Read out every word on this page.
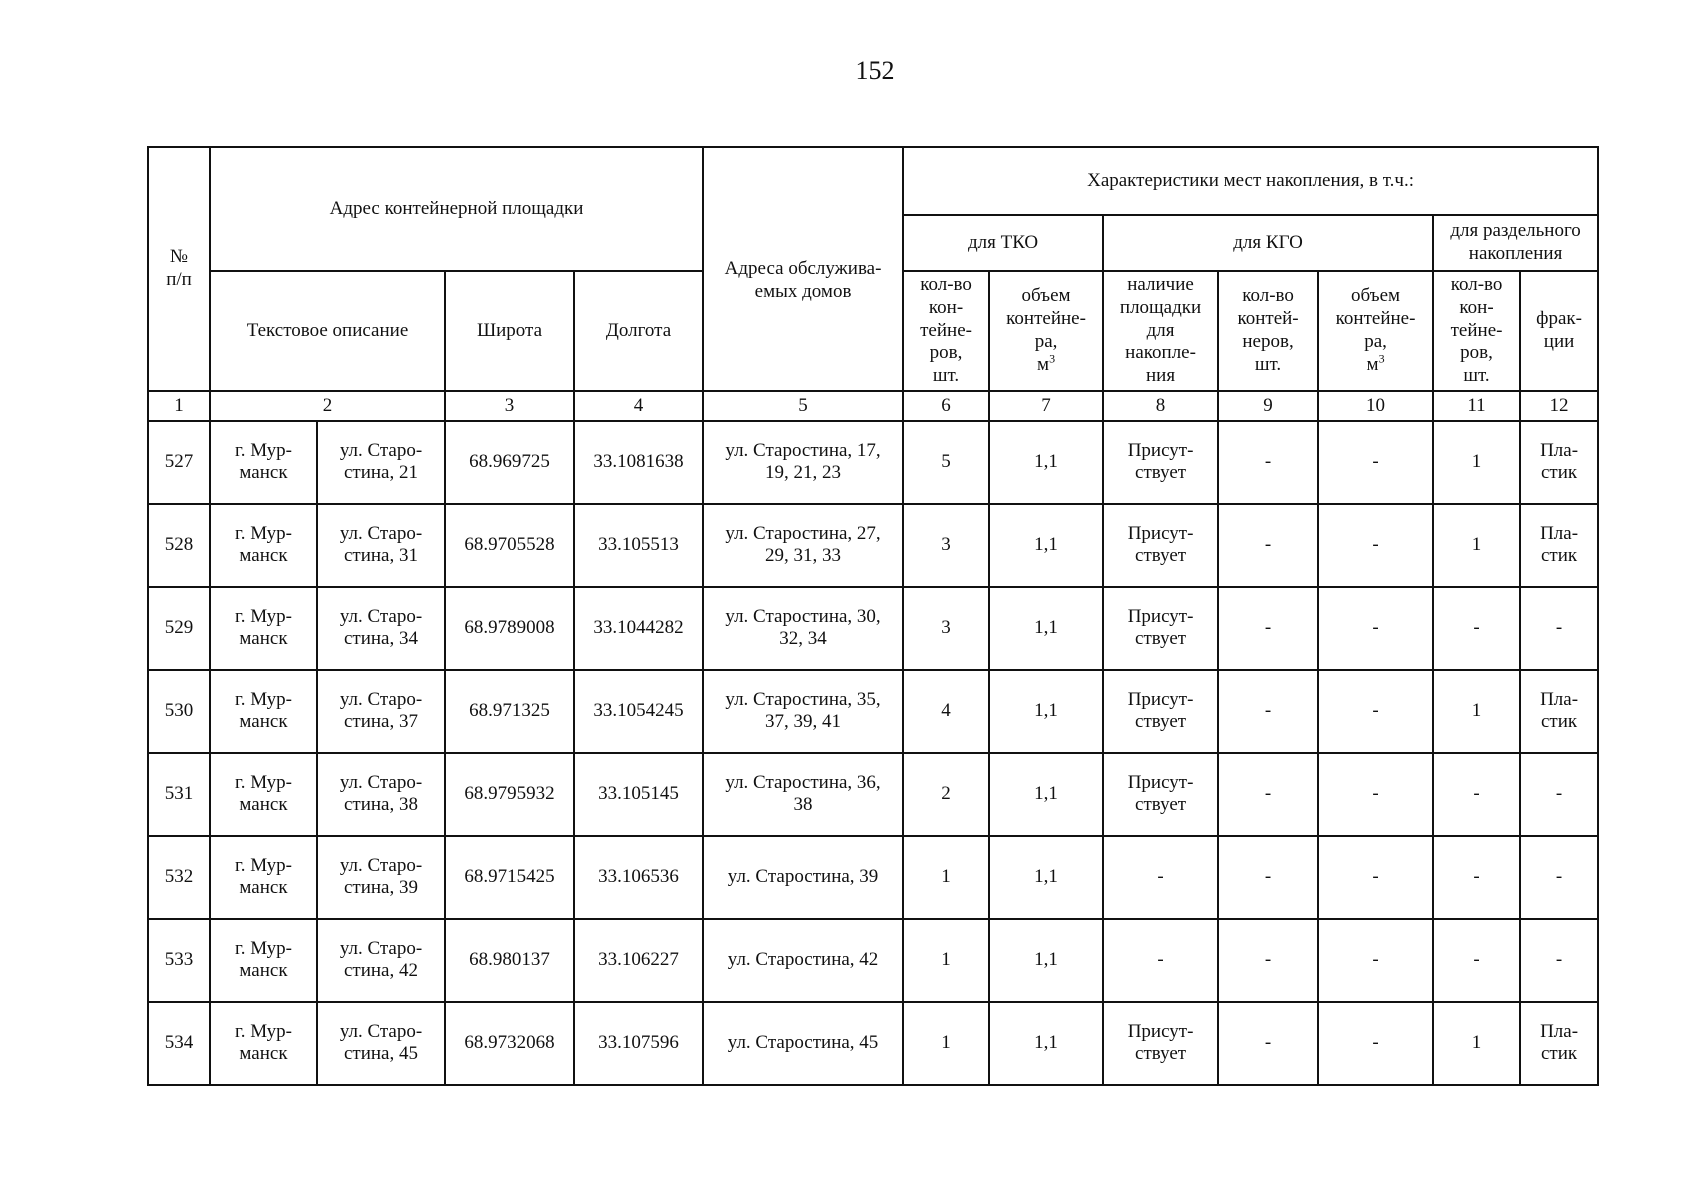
152
№
п/п	Адрес контейнерной площадки				Адреса обслужива-
емых домов	Характеристики мест накопления, в т.ч.:						
						для ТКО		для КГО			для раздельного
накопления	
	Текстовое описание		Широта	Долгота		кол-во
кон-
тейне-
ров,
шт.	объем
контейне-
ра,
$м^3$	наличие
площадки
для
накопле-
ния	кол-во
контей-
неров,
шт.	объем
контейне-
ра,
$м^3$	кол-во
кон-
тейне-
ров,
шт.	фрак-
ции
1	2		3	4	5	6	7	8	9	10	11	12
527	г. Мур-
манск	ул. Старо-
стина, 21	68.969725	33.1081638	ул. Старостина, 17,
19, 21, 23	5	1,1	Присут-
ствует	-	-	1	Пла-
стик
528	г. Мур-
манск	ул. Старо-
стина, 31	68.9705528	33.105513	ул. Старостина, 27,
29, 31, 33	3	1,1	Присут-
ствует	-	-	1	Пла-
стик
529	г. Мур-
манск	ул. Старо-
стина, 34	68.9789008	33.1044282	ул. Старостина, 30,
32, 34	3	1,1	Присут-
ствует	-	-	-	-
530	г. Мур-
манск	ул. Старо-
стина, 37	68.971325	33.1054245	ул. Старостина, 35,
37, 39, 41	4	1,1	Присут-
ствует	-	-	1	Пла-
стик
531	г. Мур-
манск	ул. Старо-
стина, 38	68.9795932	33.105145	ул. Старостина, 36,
38	2	1,1	Присут-
ствует	-	-	-	-
532	г. Мур-
манск	ул. Старо-
стина, 39	68.9715425	33.106536	ул. Старостина, 39	1	1,1	-	-	-	-	-
533	г. Мур-
манск	ул. Старо-
стина, 42	68.980137	33.106227	ул. Старостина, 42	1	1,1	-	-	-	-	-
534	г. Мур-
манск	ул. Старо-
стина, 45	68.9732068	33.107596	ул. Старостина, 45	1	1,1	Присут-
ствует	-	-	1	Пла-
стик
